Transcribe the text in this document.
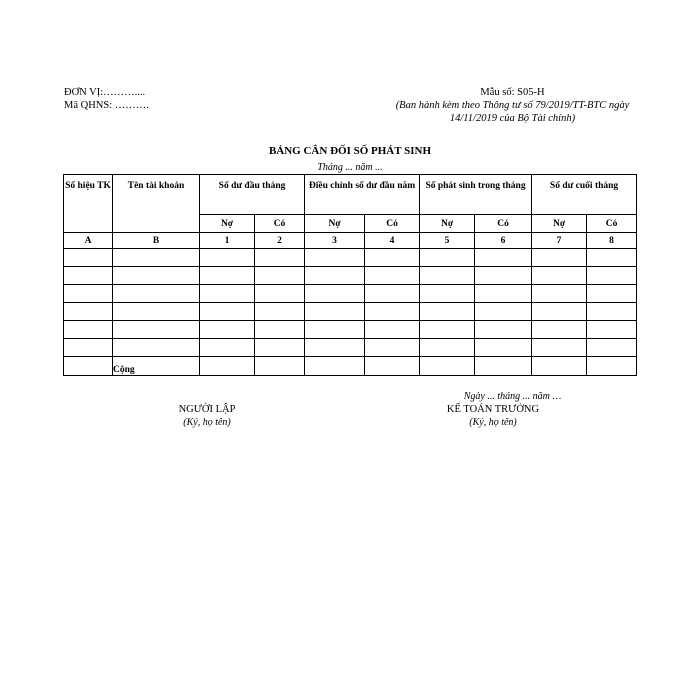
ĐƠN VỊ:………....
Mã QHNS: ……….
Mẫu số: S05-H
(Ban hành kèm theo Thông tư số 79/2019/TT-BTC ngày
14/11/2019 của Bộ Tài chính)
BẢNG CÂN ĐỐI SỐ PHÁT SINH
Tháng ... năm ...
Số hiệu TK	Tên tài khoản	Số dư đầu tháng		Điều chỉnh số dư đầu năm		Số phát sinh trong tháng		Số dư cuối tháng	
		Nợ	Có	Nợ	Có	Nợ	Có	Nợ	Có
A	B	1	2	3	4	5	6	7	8

	Cộng								
Ngày ... tháng ... năm …
NGƯỜI LẬP
(Ký, họ tên)
KẾ TOÁN TRƯỞNG
(Ký, họ tên)
